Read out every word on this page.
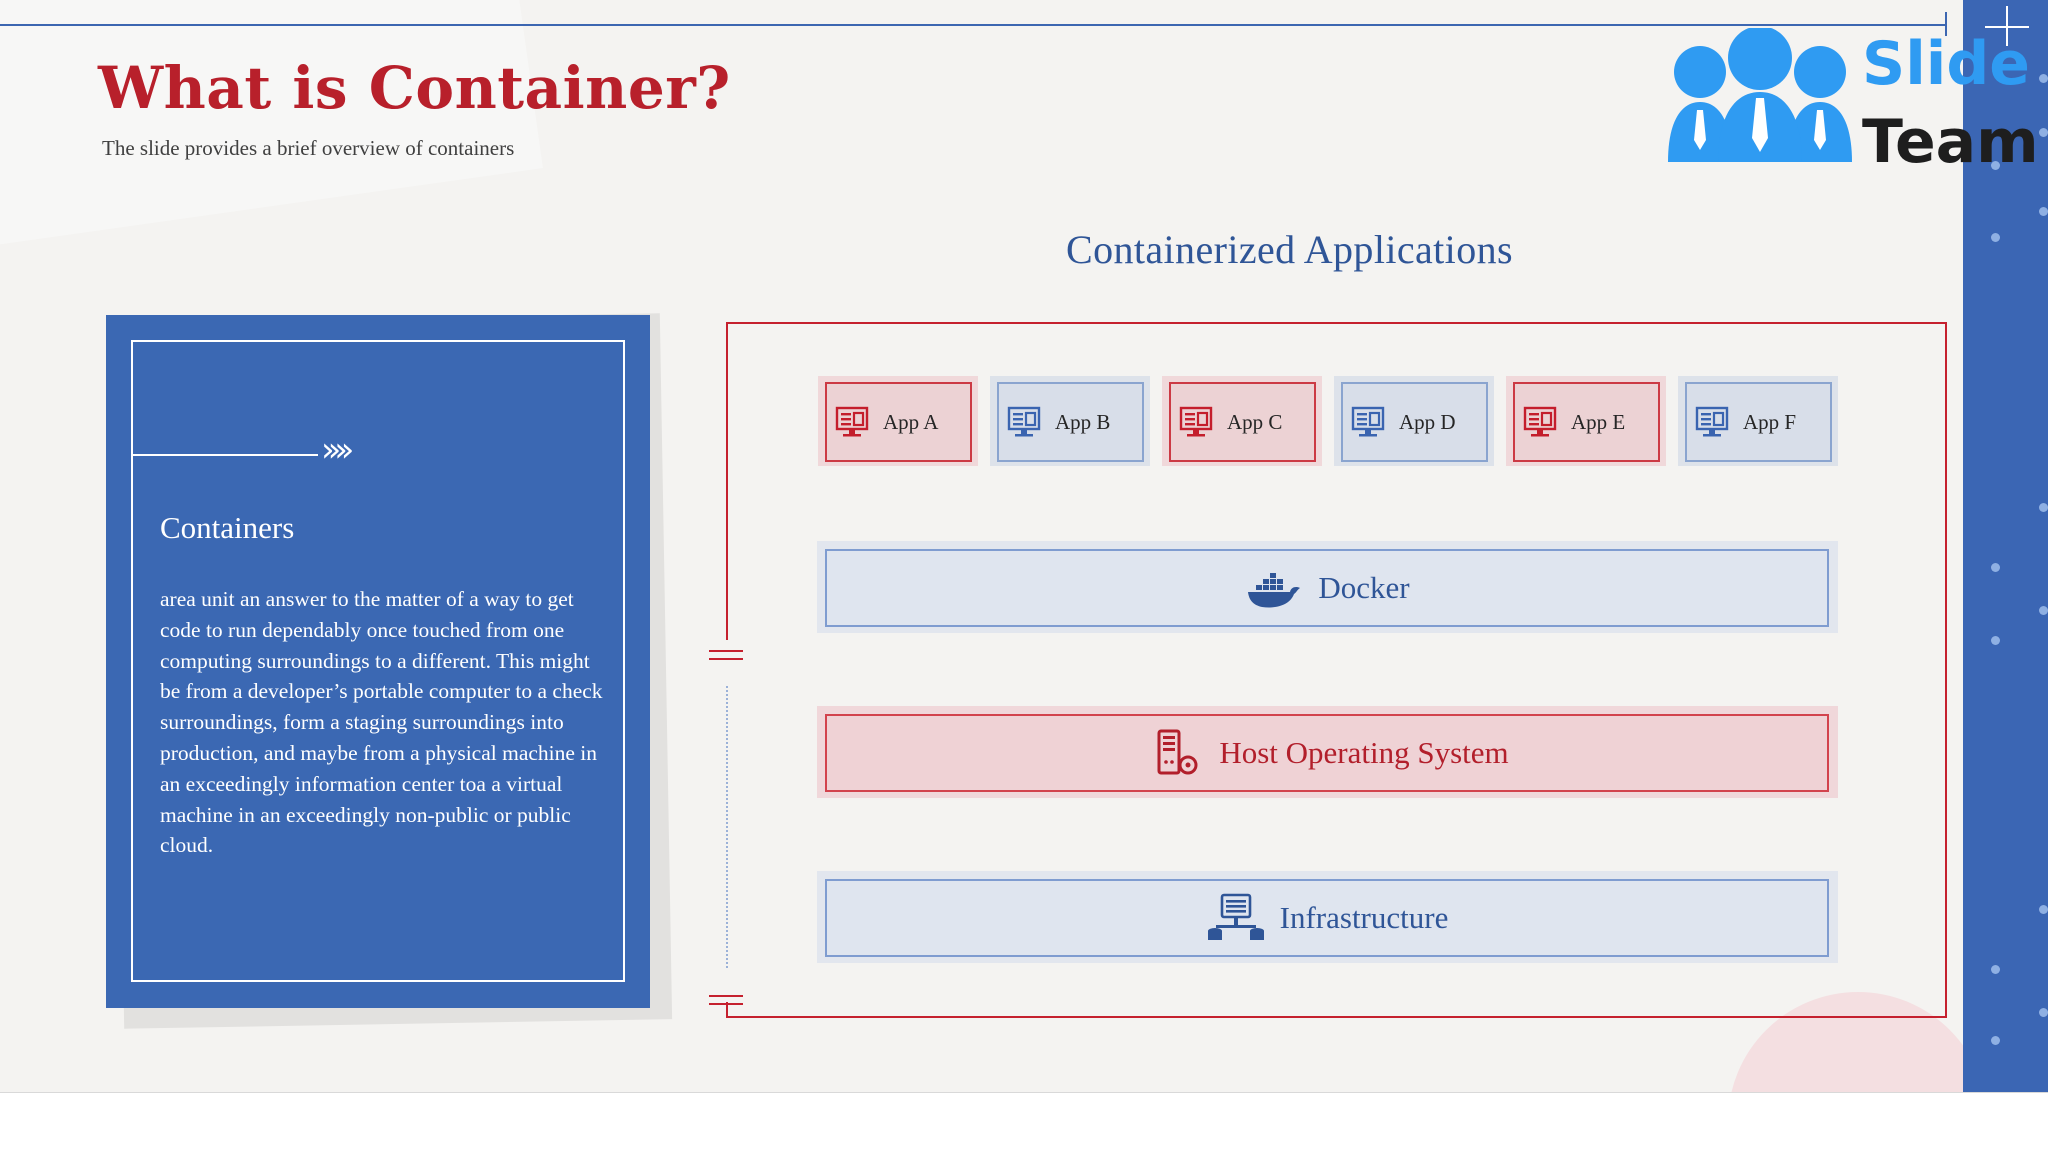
Slide
Team
What is Container?
The slide provides a brief overview of containers
››››
Containers
area unit an answer to the matter of a way to get code to run dependably once touched from one computing surroundings to a different. This might be from a developer’s portable computer to a check surroundings, form a staging surroundings into production, and maybe from a physical machine in an exceedingly information center toa a virtual machine in an exceedingly non-public or public cloud.
Containerized Applications
App A	App B	App C	App D	App E	App F
Docker
Host Operating System
Infrastructure
